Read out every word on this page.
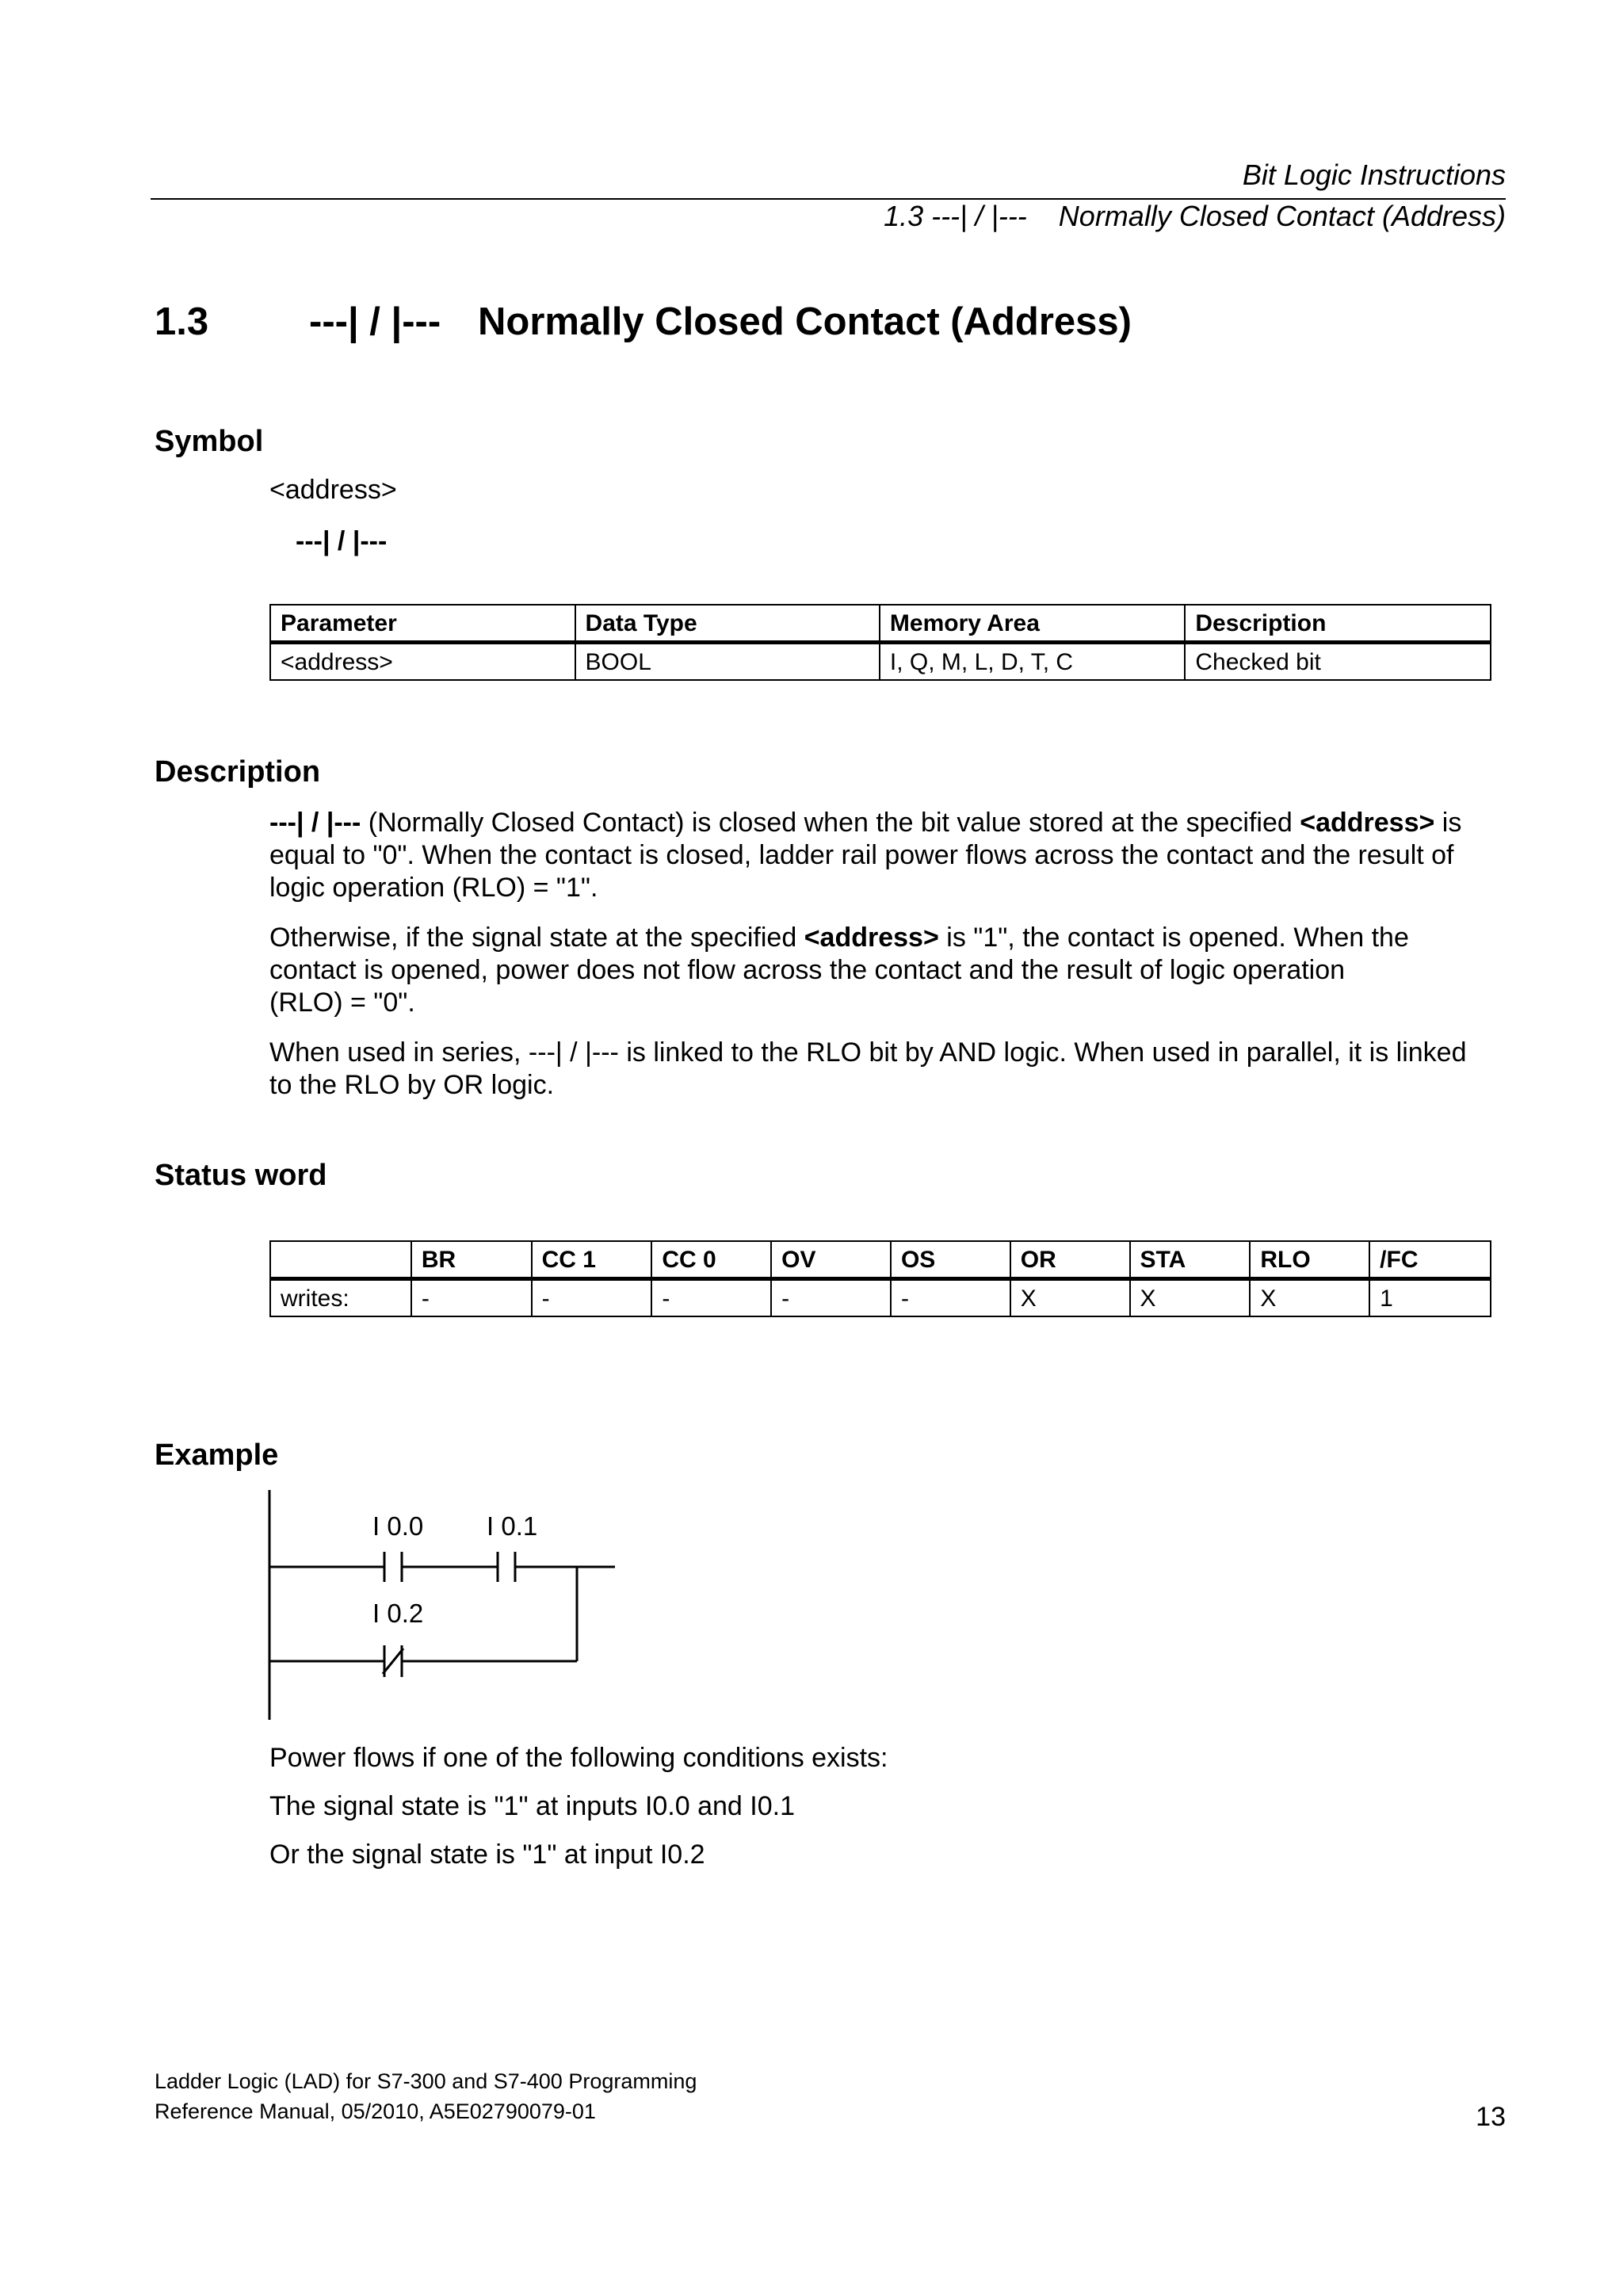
Bit Logic Instructions
1.3 ---| / |---    Normally Closed Contact (Address)
1.3	---| / |--- Normally Closed Contact (Address)
Symbol
<address>
---| / |---
Parameter	Data Type	Memory Area	Description
<address>	BOOL	I, Q, M, L, D, T, C	Checked bit
Description
---| / |--- (Normally Closed Contact) is closed when the bit value stored at the specified <address> is equal to "0". When the contact is closed, ladder rail power flows across the contact and the result of logic operation (RLO) = "1".
Otherwise, if the signal state at the specified <address> is "1", the contact is opened. When the contact is opened, power does not flow across the contact and the result of logic operation
(RLO) = "0".
When used in series, ---| / |--- is linked to the RLO bit by AND logic. When used in parallel, it is linked to the RLO by OR logic.
Status word
	BR	CC 1	CC 0	OV	OS	OR	STA	RLO	/FC
writes:	-	-	-	-	-	X	X	X	1
Example
I 0.0 I 0.1
I 0.2
Power flows if one of the following conditions exists:
The signal state is "1" at inputs I0.0 and I0.1
Or the signal state is "1" at input I0.2
Ladder Logic (LAD) for S7-300 and S7-400 Programming
Reference Manual, 05/2010, A5E02790079-01	13
